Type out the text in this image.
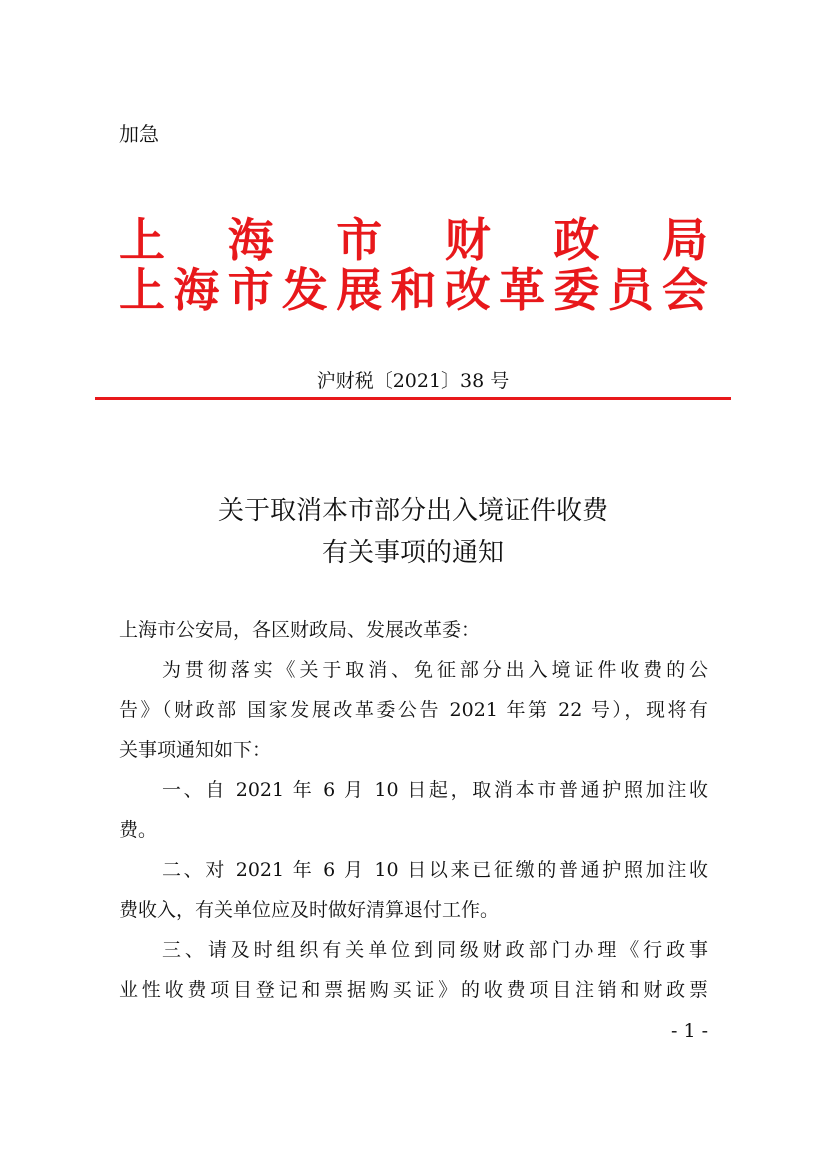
加急
上海市财政局
上海市发展和改革委员会
沪财税〔2021〕38 号
关于取消本市部分出入境证件收费
有关事项的通知
上海市公安局，各区财政局、发展改革委：
为贯彻落实《关于取消、免征部分出入境证件收费的公
告》（财政部 国家发展改革委公告 2021 年第 22 号），现将有
关事项通知如下：
一、自 2021 年 6 月 10 日起，取消本市普通护照加注收
费。
二、对 2021 年 6 月 10 日以来已征缴的普通护照加注收
费收入，有关单位应及时做好清算退付工作。
三、请及时组织有关单位到同级财政部门办理《行政事
业性收费项目登记和票据购买证》的收费项目注销和财政票
- 1 -
